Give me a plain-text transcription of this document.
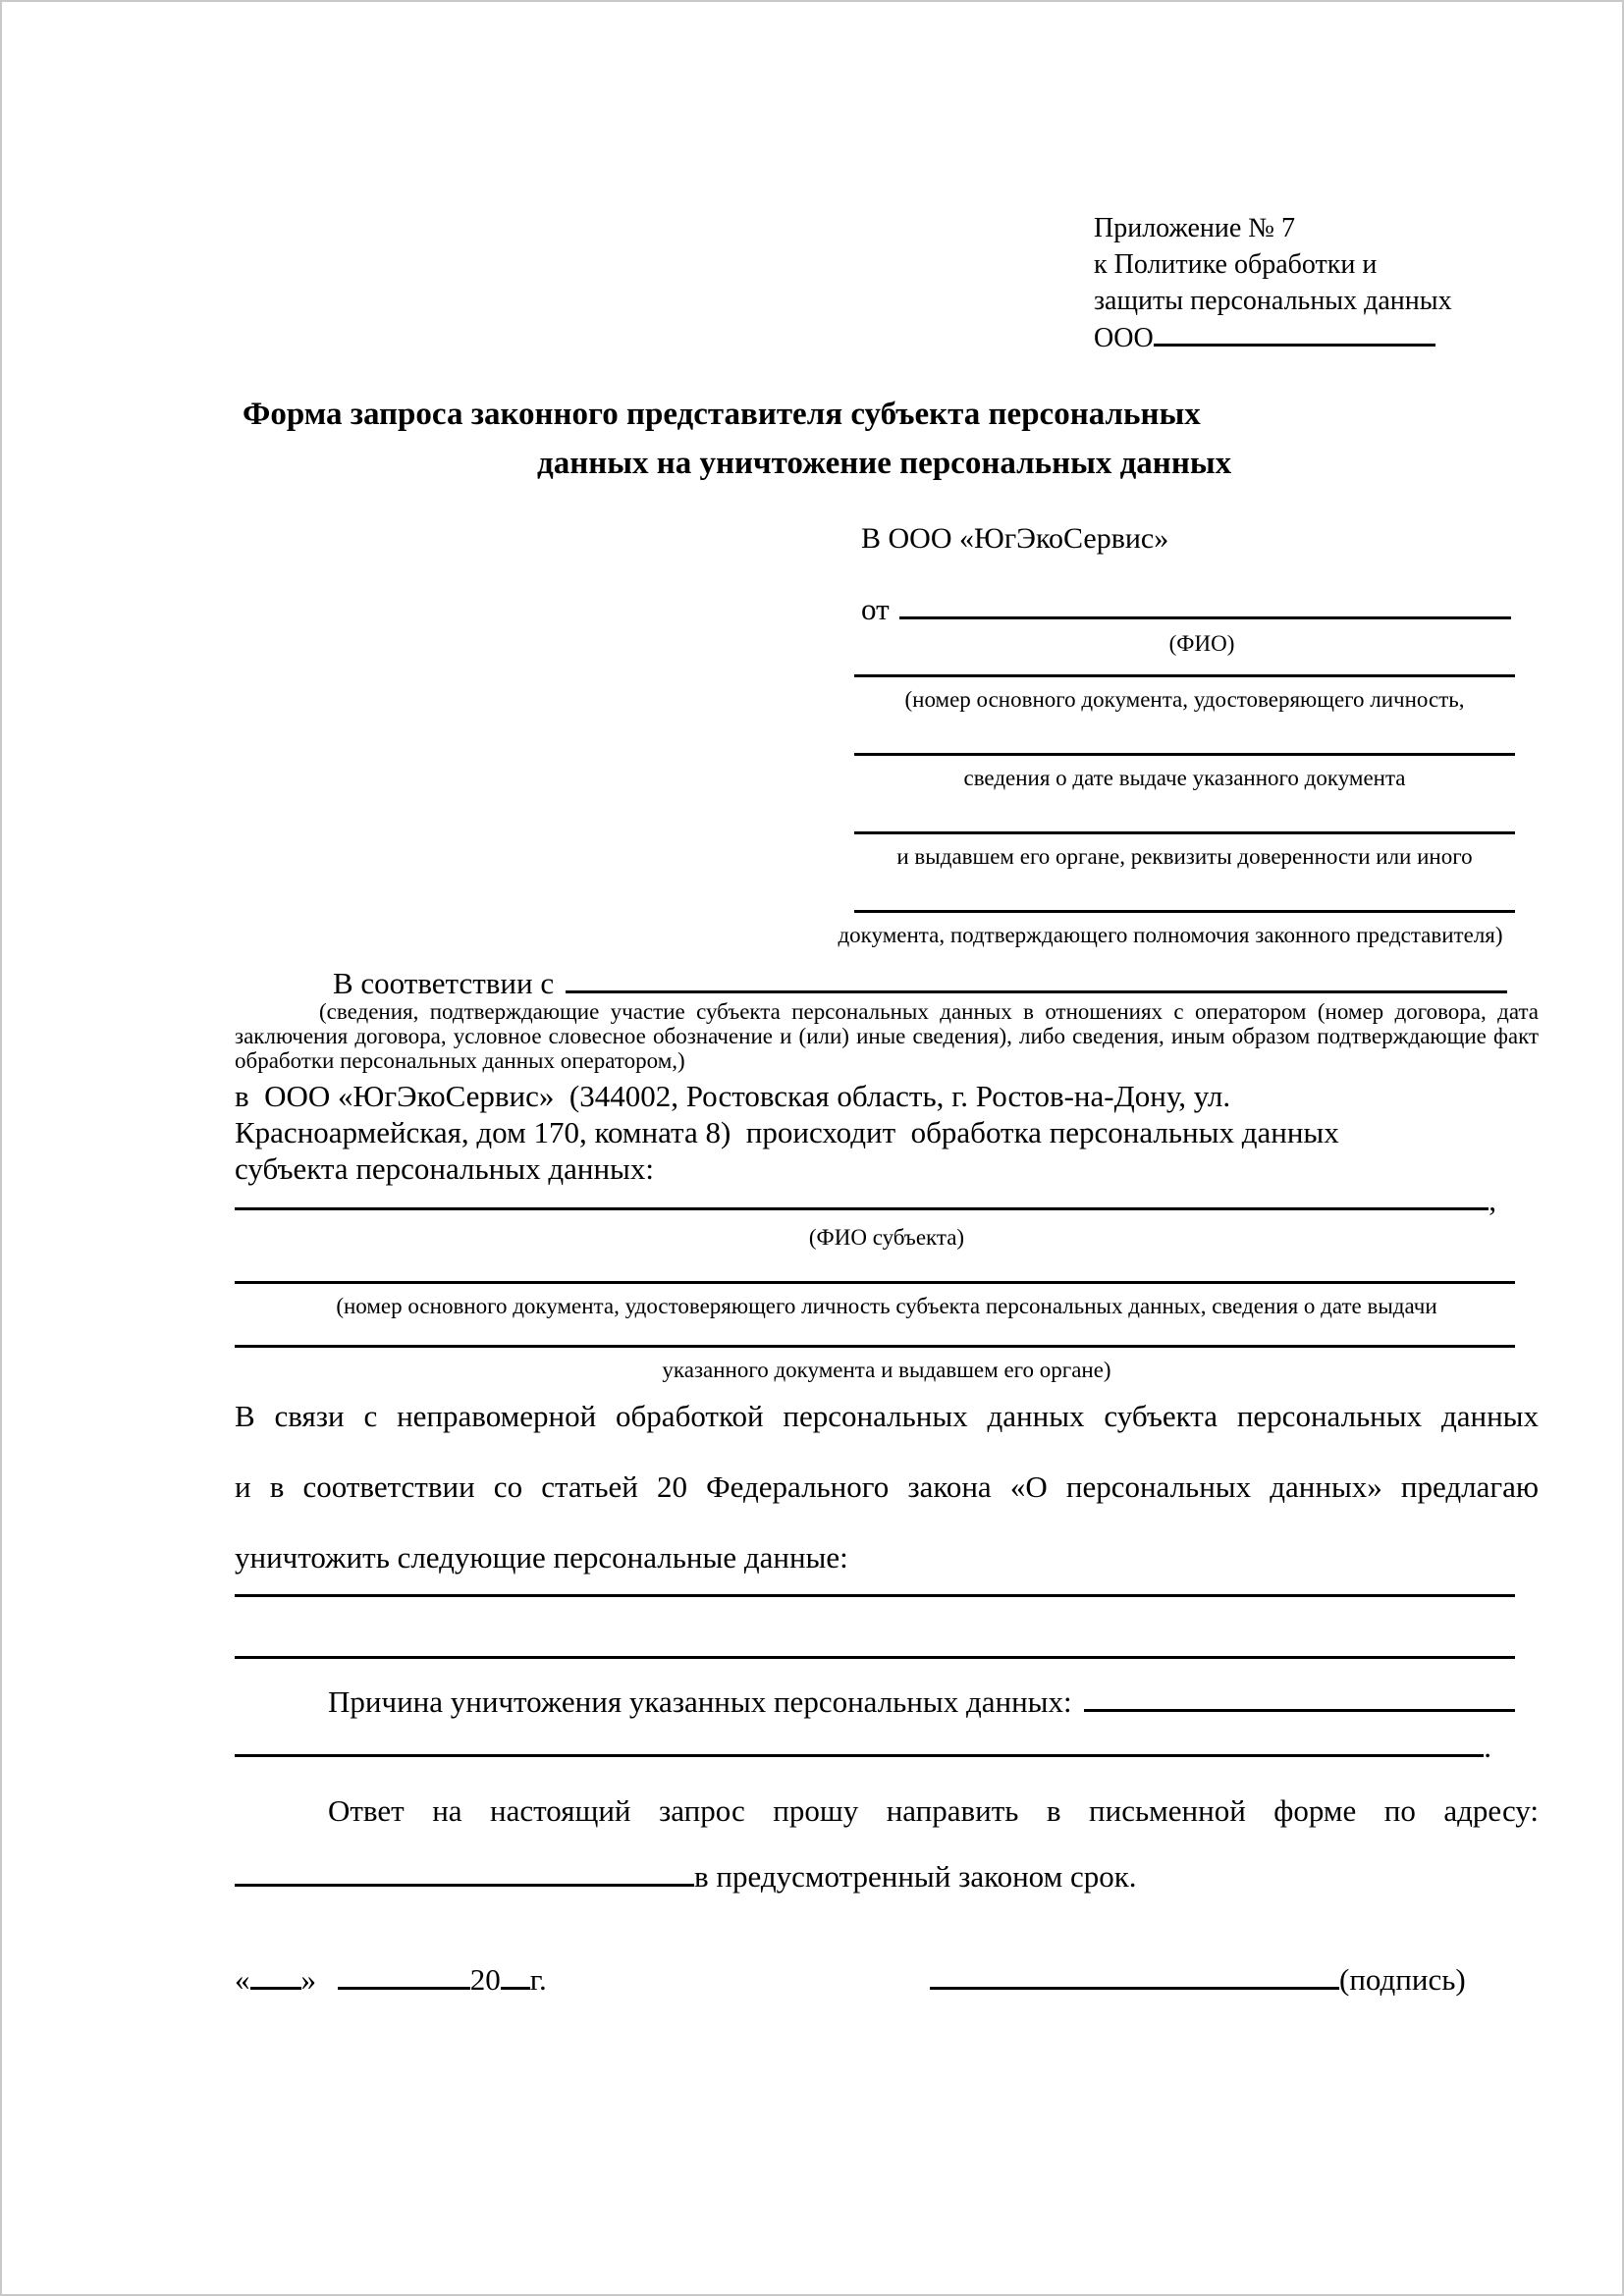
Приложение № 7
к Политике обработки и
защиты персональных данных
ООО
Форма запроса законного представителя субъекта персональных
данных на уничтожение персональных данных
В ООО «ЮгЭкоСервис»
от
(ФИО)
(номер основного документа, удостоверяющего личность,
сведения о дате выдаче указанного документа
и выдавшем его органе, реквизиты доверенности или иного
документа, подтверждающего полномочия законного представителя)
В соответствии с
(сведения, подтверждающие участие субъекта персональных данных в отношениях с оператором (номер договора, дата
заключения договора, условное словесное обозначение и (или) иные сведения), либо сведения, иным образом подтверждающие факт
обработки персональных данных оператором,)
в  ООО «ЮгЭкоСервис»  (344002, Ростовская область, г. Ростов-на-Дону, ул.
Красноармейская, дом 170, комната 8)  происходит  обработка персональных данных
субъекта персональных данных:
,
(ФИО субъекта)
(номер основного документа, удостоверяющего личность субъекта персональных данных, сведения о дате выдачи
указанного документа и выдавшем его органе)
В связи с неправомерной обработкой персональных данных субъекта персональных данных
и в соответствии со статьей 20 Федерального закона «О персональных данных» предлагаю
уничтожить следующие персональные данные:
Причина уничтожения указанных персональных данных:
.
Ответ на настоящий запрос прошу направить в письменной форме по адресу:
в предусмотренный законом срок.
« »	20 г.	(подпись)
